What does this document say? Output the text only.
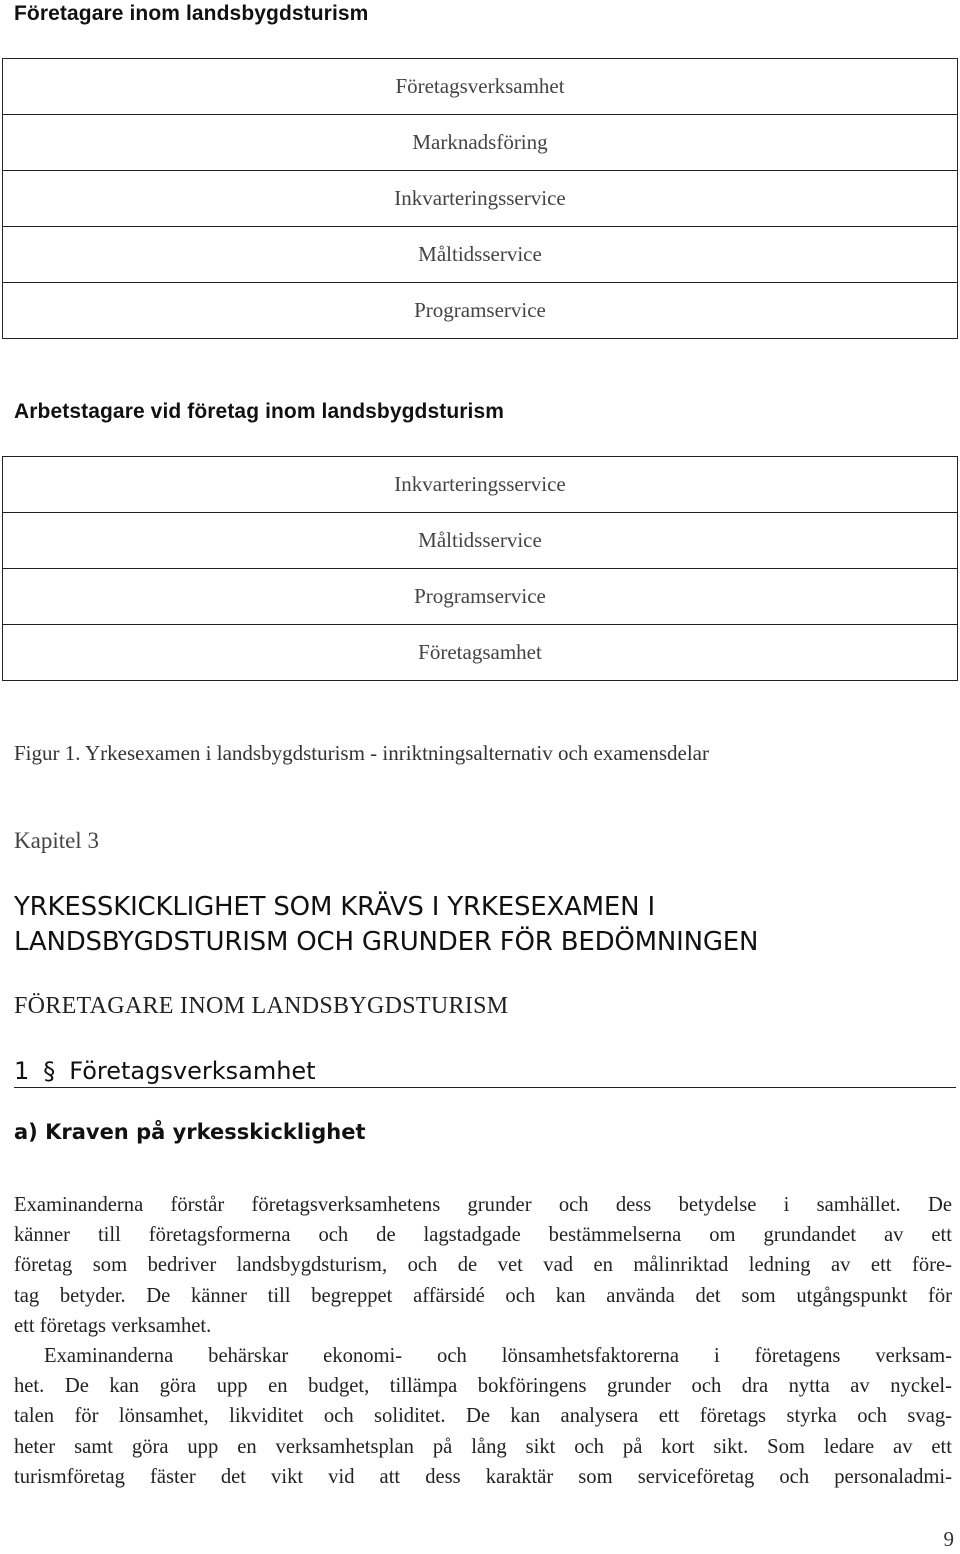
Företagare inom landsbygdsturism
Företagsverksamhet
Marknadsföring
Inkvarteringsservice
Måltidsservice
Programservice
Arbetstagare vid företag inom landsbygdsturism
Inkvarteringsservice
Måltidsservice
Programservice
Företagsamhet
Figur 1. Yrkesexamen i landsbygdsturism - inriktningsalternativ och examensdelar
Kapitel 3
YRKESSKICKLIGHET SOM KRÄVS I YRKESEXAMEN I
LANDSBYGDSTURISM OCH GRUNDER FÖR BEDÖMNINGEN
FÖRETAGARE INOM LANDSBYGDSTURISM
1 § Företagsverksamhet
a) Kraven på yrkesskicklighet
Examinanderna förstår företagsverksamhetens grunder och dess betydelse i samhället. De
känner till företagsformerna och de lagstadgade bestämmelserna om grundandet av ett
företag som bedriver landsbygdsturism, och de vet vad en målinriktad ledning av ett före-
tag betyder. De känner till begreppet affärsidé och kan använda det som utgångspunkt för
ett företags verksamhet.
Examinanderna behärskar ekonomi- och lönsamhetsfaktorerna i företagens verksam-
het. De kan göra upp en budget, tillämpa bokföringens grunder och dra nytta av nyckel-
talen för lönsamhet, likviditet och soliditet. De kan analysera ett företags styrka och svag-
heter samt göra upp en verksamhetsplan på lång sikt och på kort sikt. Som ledare av ett
turismföretag fäster det vikt vid att dess karaktär som serviceföretag och personaladmi-
9
